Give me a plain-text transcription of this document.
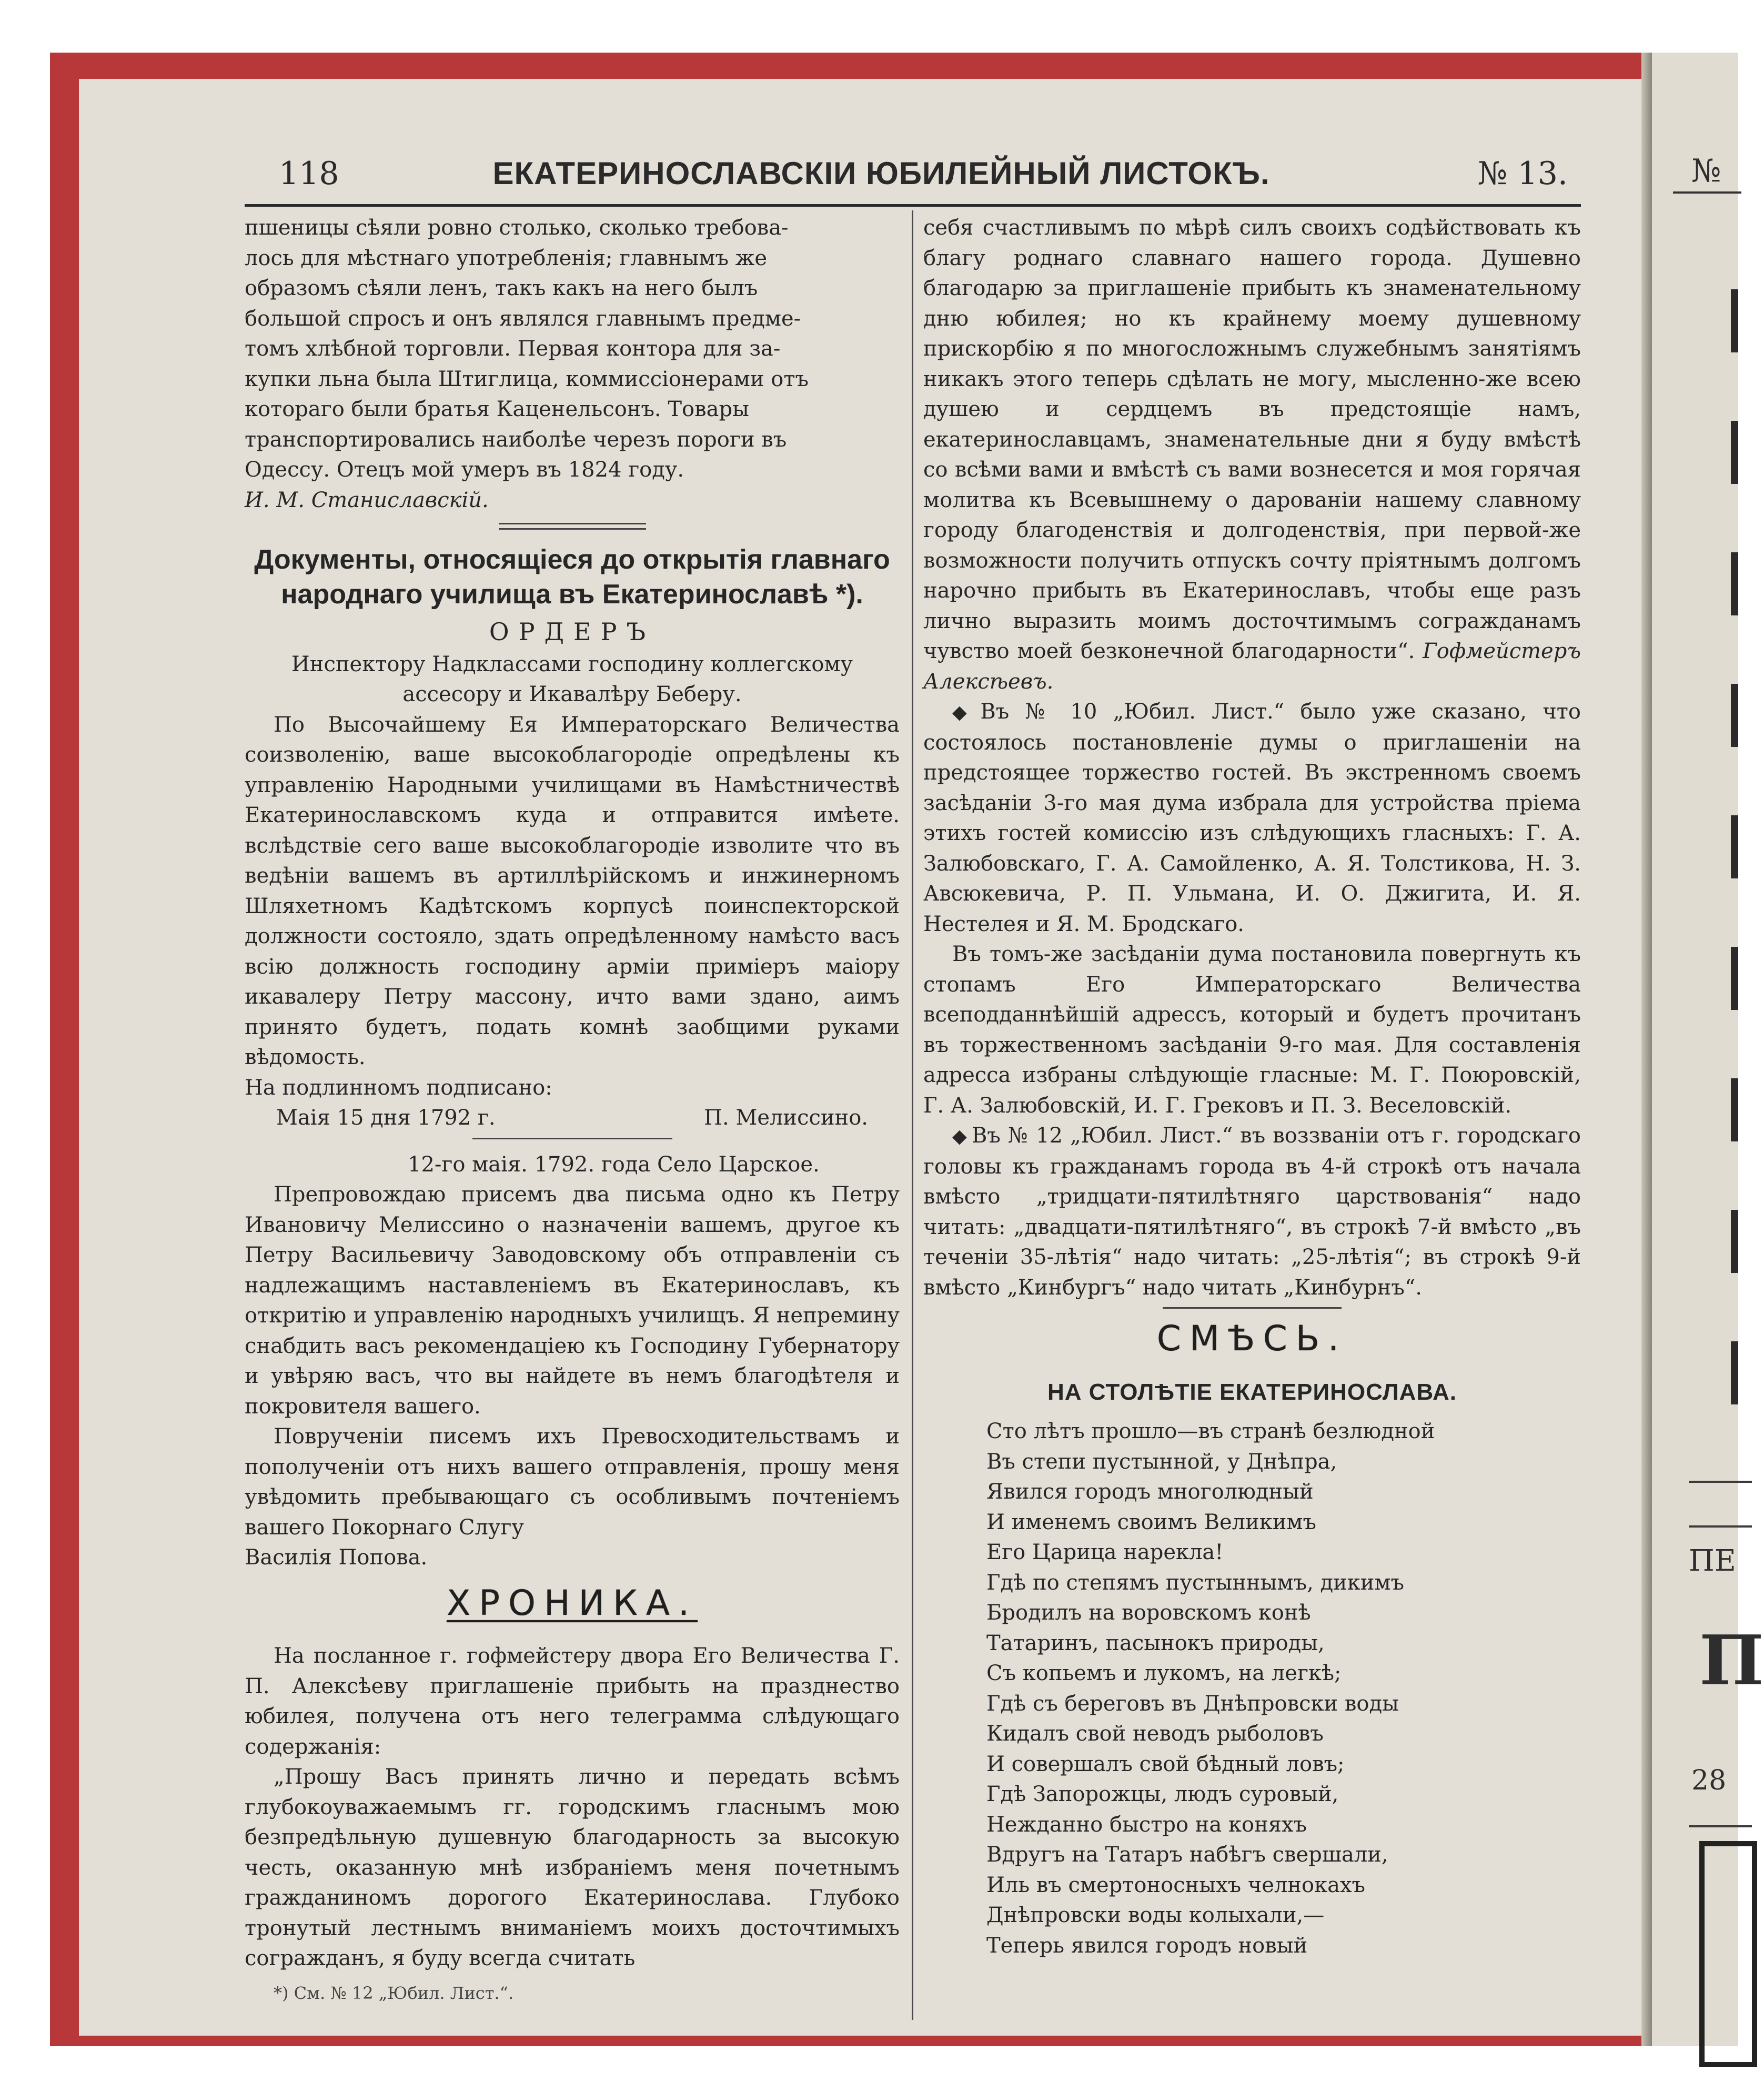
№
ПЕ
П
28
118	ЕКАТЕРИНОСЛАВСКІИ ЮБИЛЕЙНЫЙ ЛИСТОКЪ.	№ 13.

пшеницы сѣяли ровно столько, сколько требова-

лось для мѣстнаго употребленія; главнымъ же

образомъ сѣяли ленъ, такъ какъ на него былъ

большой спросъ и онъ являлся главнымъ предме-

томъ хлѣбной торговли. Первая контора для за-

купки льна была Штиглица, коммиссіонерами отъ

котораго были братья Каценельсонъ. Товары

транспортировались наиболѣе черезъ пороги въ

Одессу. Отецъ мой умеръ въ 1824 году.

И. М. Станиславскій.

Документы, относящіеся до открытія главнаго
народнаго училища въ Екатеринославѣ *).
ОРДЕРЪ

Инспектору Надклассами господину коллегскому

ассесору и Икавалѣру Беберу.

По Высочайшему Ея Императорскаго Величества соизволенію, ваше высокоблагородіе опредѣлены къ управленію Народными училищами въ Намѣстничествѣ Екатеринославскомъ куда и отправится имѣете. вслѣдствіе сего ваше высокоблагородіе изволите что въ ведѣніи вашемъ въ артиллѣрійскомъ и инжинерномъ Шляхетномъ Кадѣтскомъ корпусѣ поинспекторской должности состояло, здать опредѣленному намѣсто васъ всію должность господину арміи приміеръ маіору икавалеру Петру массону, ичто вами здано, аимъ принято будетъ, подать комнѣ заобщими руками вѣдомость.

На подлинномъ подписано:

Маія 15 дня 1792 г.	П. Мелиссино.

12-го маія. 1792. года Село Царское.

Препровождаю присемъ два письма одно къ Петру Ивановичу Мелиссино о назначеніи вашемъ, другое къ Петру Васильевичу Заводовскому объ отправленіи съ надлежащимъ наставленіемъ въ Екатеринославъ, къ откритію и управленію народныхъ училищъ. Я непремину снабдить васъ рекомендаціею къ Господину Губернатору и увѣряю васъ, что вы найдете въ немъ благодѣтеля и покровителя вашего.

Поврученіи писемъ ихъ Превосходительствамъ и пополученіи отъ нихъ вашего отправленія, прошу меня увѣдомить пребывающаго съ особливымъ почтеніемъ вашего Покорнаго Слугу

Василія Попова.

ХРОНИКА.

На посланное г. гофмейстеру двора Его Величества Г. П. Алексѣеву приглашеніе прибыть на празднество юбилея, получена отъ него телеграмма слѣдующаго содержанія:

„Прошу Васъ принять лично и передать всѣмъ глубокоуважаемымъ гг. городскимъ гласнымъ мою безпредѣльную душевную благодарность за высокую честь, оказанную мнѣ избраніемъ меня почетнымъ гражданиномъ дорогого Екатеринослава. Глубоко тронутый лестнымъ вниманіемъ моихъ досточтимыхъ согражданъ, я буду всегда считать

*) См. № 12 „Юбил. Лист.“.

себя счастливымъ по мѣрѣ силъ своихъ содѣйствовать къ благу роднаго славнаго нашего города. Душевно благодарю за приглашеніе прибыть къ знаменательному дню юбилея; но къ крайнему моему душевному прискорбію я по многосложнымъ служебнымъ занятіямъ никакъ этого теперь сдѣлать не могу, мысленно-же всею душею и сердцемъ въ предстоящіе намъ, екатеринославцамъ, знаменательные дни я буду вмѣстѣ со всѣми вами и вмѣстѣ съ вами вознесется и моя горячая молитва къ Всевышнему о дарованіи нашему славному городу благоденствія и долгоденствія, при первой-же возможности получить отпускъ сочту пріятнымъ долгомъ нарочно прибыть въ Екатеринославъ, чтобы еще разъ лично выразить моимъ досточтимымъ согражданамъ чувство моей безконечной благодарности“. Гофмейстеръ Алексѣевъ.

◆ Въ № 10 „Юбил. Лист.“ было уже сказано, что состоялось постановленіе думы о приглашеніи на предстоящее торжество гостей. Въ экстренномъ своемъ засѣданіи 3-го мая дума избрала для устройства пріема этихъ гостей комиссію изъ слѣдующихъ гласныхъ: Г. А. Залюбовскаго, Г. А. Самойленко, А. Я. Толстикова, Н. З. Авсюкевича, Р. П. Ульмана, И. О. Джигита, И. Я. Нестелея и Я. М. Бродскаго.

Въ томъ-же засѣданіи дума постановила повергнуть къ стопамъ Его Императорскаго Величества всеподданнѣйшій адрессъ, который и будетъ прочитанъ въ торжественномъ засѣданіи 9-го мая. Для составленія адресса избраны слѣдующіе гласные: М. Г. Поюровскій, Г. А. Залюбовскій, И. Г. Грековъ и П. З. Веселовскій.

◆ Въ № 12 „Юбил. Лист.“ въ воззваніи отъ г. городскаго головы къ гражданамъ города въ 4-й строкѣ отъ начала вмѣсто „тридцати-пятилѣтняго царствованія“ надо читать: „двадцати-пятилѣтняго“, въ строкѣ 7-й вмѣсто „въ теченіи 35-лѣтія“ надо читать: „25-лѣтія“; въ строкѣ 9-й вмѣсто „Кинбургъ“ надо читать „Кинбурнъ“.

СМѢСЬ.
НА СТОЛѢТІЕ ЕКАТЕРИНОСЛАВА.

Сто лѣтъ прошло—въ странѣ безлюдной

Въ степи пустынной, у Днѣпра,

Явился городъ многолюдный

И именемъ своимъ Великимъ

Его Царица нарекла!

Гдѣ по степямъ пустыннымъ, дикимъ

Бродилъ на воровскомъ конѣ

Татаринъ, пасынокъ природы,

Съ копьемъ и лукомъ, на легкѣ;

Гдѣ съ береговъ въ Днѣпровски воды

Кидалъ свой неводъ рыболовъ

И совершалъ свой бѣдный ловъ;

Гдѣ Запорожцы, людъ суровый,

Нежданно быстро на коняхъ

Вдругъ на Татаръ набѣгъ свершали,

Иль въ смертоносныхъ челнокахъ

Днѣпровски воды колыхали,—

Теперь явился городъ новый
